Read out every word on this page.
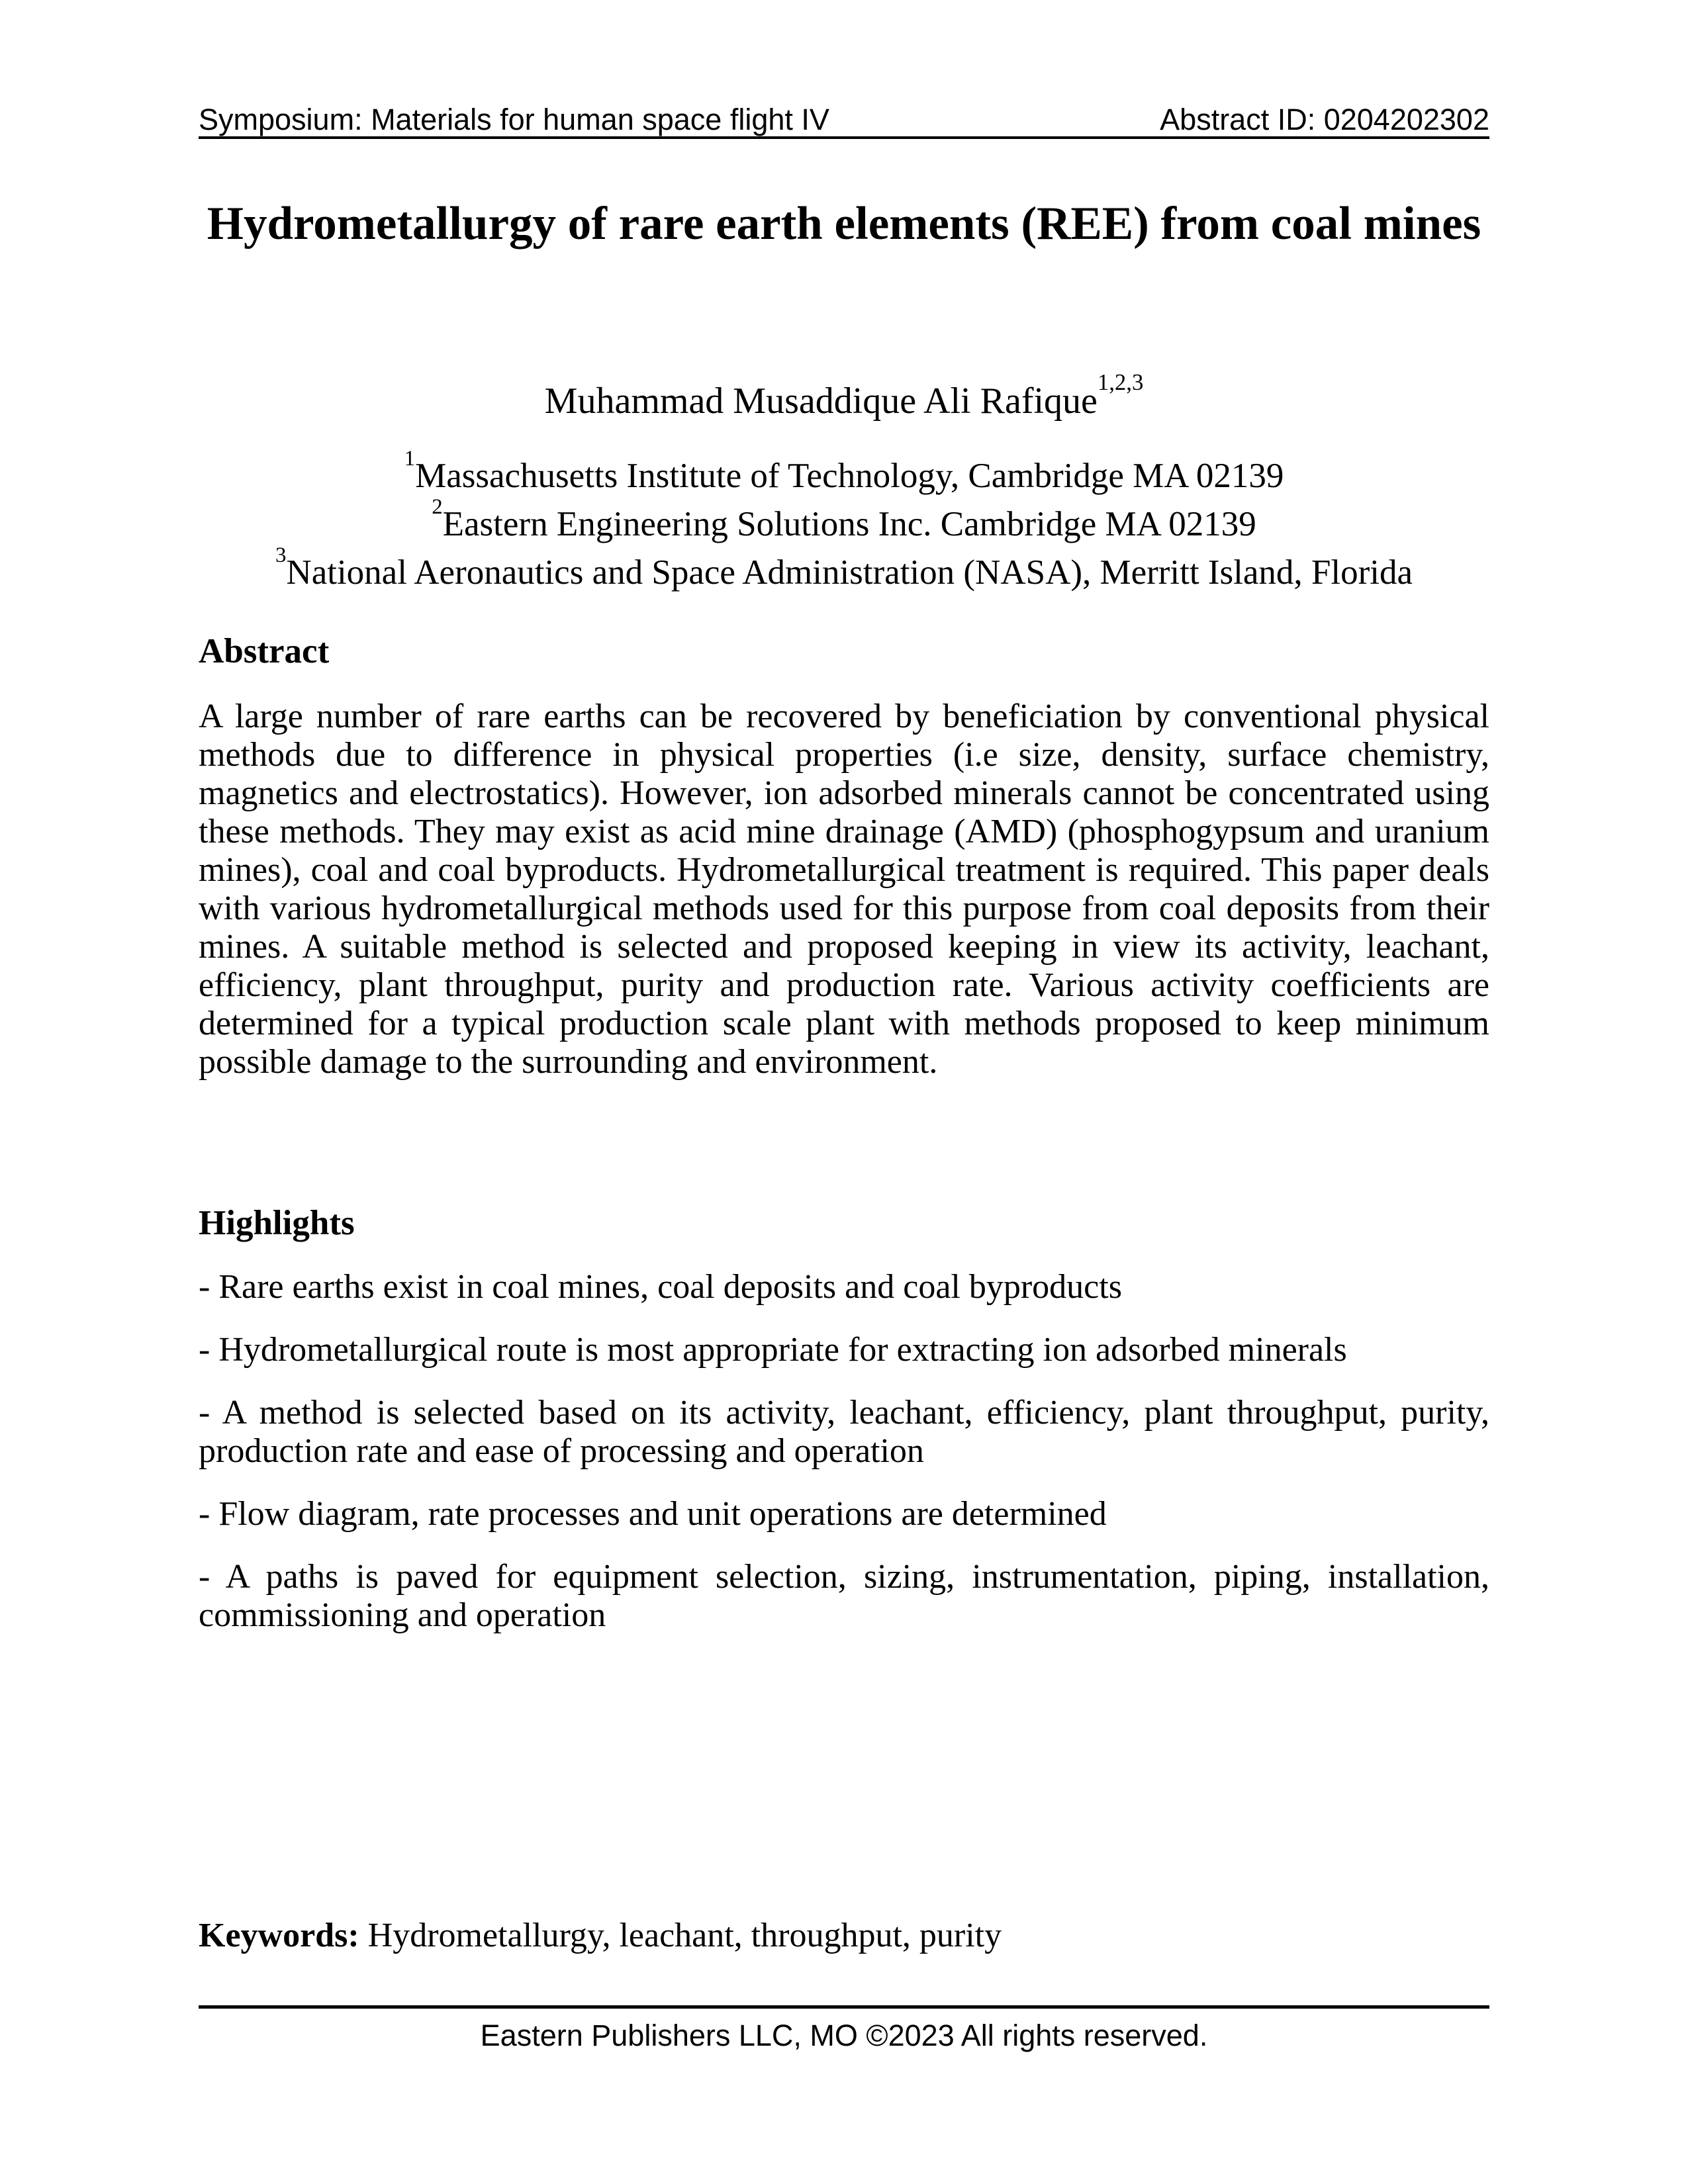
Symposium: Materials for human space flight IV	Abstract ID: 0204202302
Hydrometallurgy of rare earth elements (REE) from coal mines
Muhammad Musaddique Ali Rafique$^{1,2,3}$
$^1$Massachusetts Institute of Technology, Cambridge MA 02139
$^2$Eastern Engineering Solutions Inc. Cambridge MA 02139
$^3$National Aeronautics and Space Administration (NASA), Merritt Island, Florida
Abstract
A large number of rare earths can be recovered by beneficiation by conventional physical methods due to difference in physical properties (i.e size, density, surface chemistry, magnetics and electrostatics). However, ion adsorbed minerals cannot be concentrated using these methods. They may exist as acid mine drainage (AMD) (phosphogypsum and uranium mines), coal and coal byproducts. Hydrometallurgical treatment is required. This paper deals with various hydrometallurgical methods used for this purpose from coal deposits from their mines. A suitable method is selected and proposed keeping in view its activity, leachant, efficiency, plant throughput, purity and production rate. Various activity coefficients are determined for a typical production scale plant with methods proposed to keep minimum possible damage to the surrounding and environment.
Highlights

- Rare earths exist in coal mines, coal deposits and coal byproducts

- Hydrometallurgical route is most appropriate for extracting ion adsorbed minerals

- A method is selected based on its activity, leachant, efficiency, plant throughput, purity, production rate and ease of processing and operation

- Flow diagram, rate processes and unit operations are determined

- A paths is paved for equipment selection, sizing, instrumentation, piping, installation, commissioning and operation

Keywords: Hydrometallurgy, leachant, throughput, purity
Eastern Publishers LLC, MO ©2023 All rights reserved.
